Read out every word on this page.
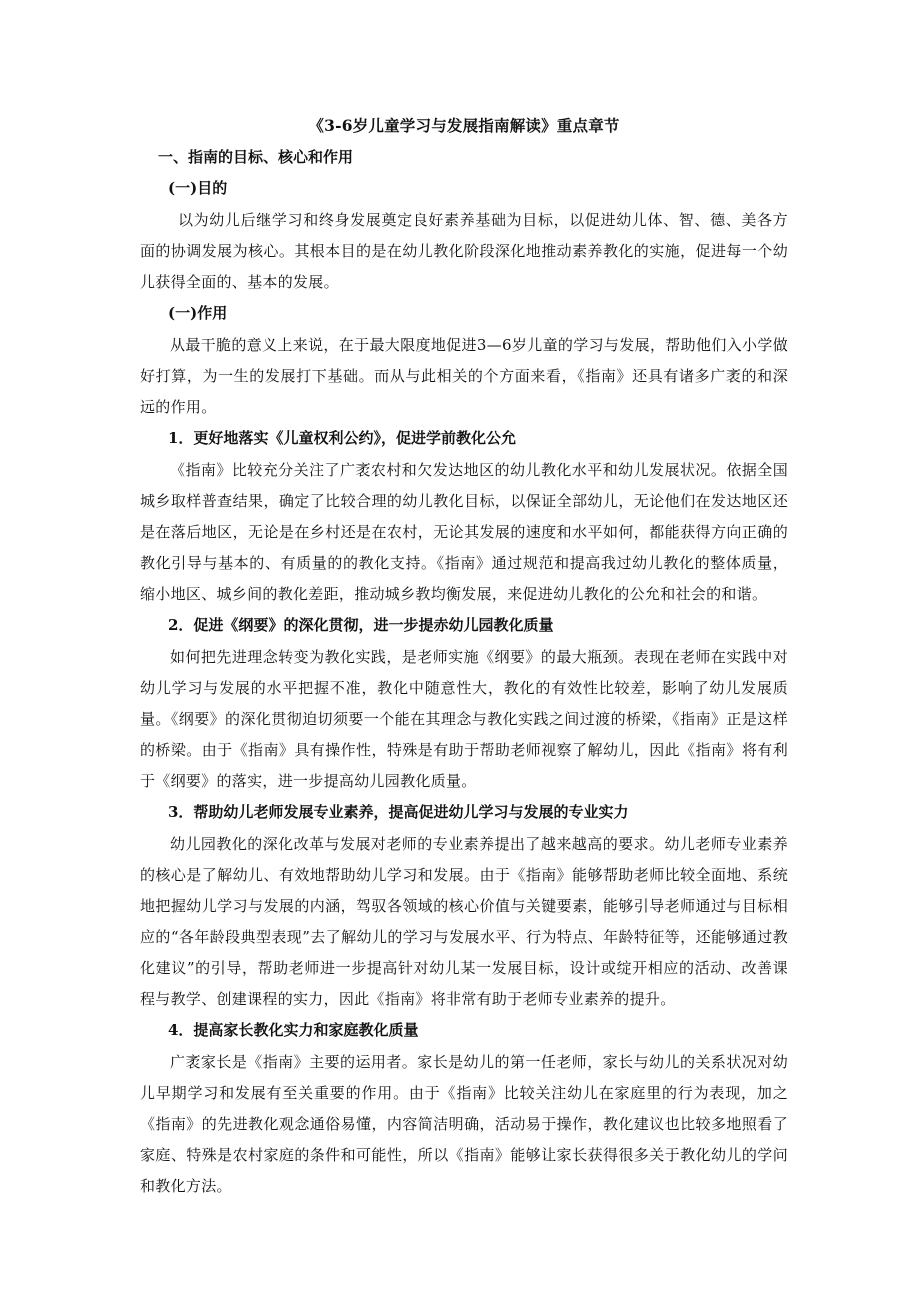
《3-6岁儿童学习与发展指南解读》重点章节
一、指南的目标、核心和作用
(一)目的
以为幼儿后继学习和终身发展奠定良好素养基础为目标，以促进幼儿体、智、德、美各方面的协调发展为核心。其根本目的是在幼儿教化阶段深化地推动素养教化的实施，促进每一个幼儿获得全面的、基本的发展。
(一)作用
从最干脆的意义上来说，在于最大限度地促进3—6岁儿童的学习与发展，帮助他们入小学做好打算，为一生的发展打下基础。而从与此相关的个方面来看，《指南》还具有诸多广袤的和深远的作用。
1．更好地落实《儿童权利公约》，促进学前教化公允
《指南》比较充分关注了广袤农村和欠发达地区的幼儿教化水平和幼儿发展状况。依据全国城乡取样普查结果，确定了比较合理的幼儿教化目标，以保证全部幼儿，无论他们在发达地区还是在落后地区，无论是在乡村还是在农村，无论其发展的速度和水平如何，都能获得方向正确的教化引导与基本的、有质量的的教化支持。《指南》通过规范和提高我过幼儿教化的整体质量，缩小地区、城乡间的教化差距，推动城乡教均衡发展，来促进幼儿教化的公允和社会的和谐。
2．促进《纲要》的深化贯彻，进一步提赤幼儿园教化质量
如何把先进理念转变为教化实践，是老师实施《纲要》的最大瓶颈。表现在老师在实践中对幼儿学习与发展的水平把握不准，教化中随意性大，教化的有效性比较差，影响了幼儿发展质量。《纲要》的深化贯彻迫切须要一个能在其理念与教化实践之间过渡的桥梁，《指南》正是这样的桥梁。由于《指南》具有操作性，特殊是有助于帮助老师视察了解幼儿，因此《指南》将有利于《纲要》的落实，进一步提高幼儿园教化质量。
3．帮助幼儿老师发展专业素养，提高促进幼儿学习与发展的专业实力
幼儿园教化的深化改革与发展对老师的专业素养提出了越来越高的要求。幼儿老师专业素养的核心是了解幼儿、有效地帮助幼儿学习和发展。由于《指南》能够帮助老师比较全面地、系统地把握幼儿学习与发展的内涵，驾驭各领域的核心价值与关键要素，能够引导老师通过与目标相应的“各年龄段典型表现”去了解幼儿的学习与发展水平、行为特点、年龄特征等，还能够通过教化建议”的引导，帮助老师进一步提高针对幼儿某一发展目标，设计或绽开相应的活动、改善课程与教学、创建课程的实力，因此《指南》将非常有助于老师专业素养的提升。
4．提高家长教化实力和家庭教化质量
广袤家长是《指南》主要的运用者。家长是幼儿的第一任老师，家长与幼儿的关系状况对幼儿早期学习和发展有至关重要的作用。由于《指南》比较关注幼儿在家庭里的行为表现，加之《指南》的先进教化观念通俗易懂，内容简洁明确，活动易于操作，教化建议也比较多地照看了家庭、特殊是农村家庭的条件和可能性，所以《指南》能够让家长获得很多关于教化幼儿的学问和教化方法。
